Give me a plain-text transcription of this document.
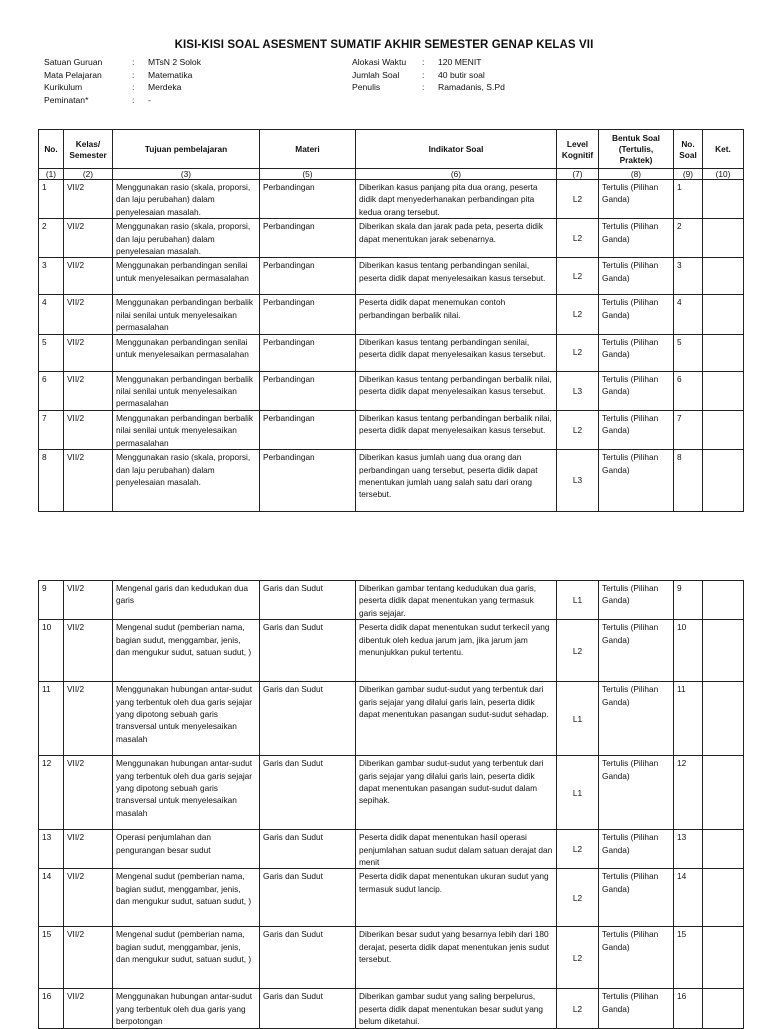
KISI-KISI SOAL ASESMENT SUMATIF AKHIR SEMESTER GENAP KELAS VII
Satuan Guruan	:	MTsN 2 Solok
Mata Pelajaran	:	Matematika
Kurikulum	:	Merdeka
Peminatan*	:	-
Alokasi Waktu	:	120 MENIT
Jumlah Soal	:	40 butir soal
Penulis	:	Ramadanis, S.Pd
No.	Kelas/ Semester	Tujuan pembelajaran	Materi	Indikator Soal	Level Kognitif	Bentuk Soal (Tertulis, Praktek)	No. Soal	Ket.
(1)	(2)	(3)	(5)	(6)	(7)	(8)	(9)	(10)
1	VII/2	Menggunakan rasio (skala, proporsi, dan laju perubahan) dalam penyelesaian masalah.	Perbandingan	Diberikan kasus panjang pita dua orang, peserta didik dapt menyederhanakan perbandingan pita kedua orang tersebut.	L2	Tertulis (Pilihan Ganda)	1	
2	VII/2	Menggunakan rasio (skala, proporsi, dan laju perubahan) dalam penyelesaian masalah.	Perbandingan	Diberikan skala dan jarak pada peta, peserta didik dapat menentukan jarak sebenarnya.	L2	Tertulis (Pilihan Ganda)	2	
3	VII/2	Menggunakan perbandingan senilai untuk menyelesaikan permasalahan	Perbandingan	Diberikan kasus tentang perbandingan senilai, peserta didik dapat menyelesaikan kasus tersebut.	L2	Tertulis (Pilihan Ganda)	3	
4	VII/2	Menggunakan perbandingan berbalik nilai senilai untuk menyelesaikan permasalahan	Perbandingan	Peserta didik dapat menemukan contoh perbandingan berbalik nilai.	L2	Tertulis (Pilihan Ganda)	4	
5	VII/2	Menggunakan perbandingan senilai untuk menyelesaikan permasalahan	Perbandingan	Diberikan kasus tentang perbandingan senilai, peserta didik dapat menyelesaikan kasus tersebut.	L2	Tertulis (Pilihan Ganda)	5	
6	VII/2	Menggunakan perbandingan berbalik nilai senilai untuk menyelesaikan permasalahan	Perbandingan	Diberikan kasus tentang perbandingan berbalik nilai, peserta didik dapat menyelesaikan kasus tersebut.	L3	Tertulis (Pilihan Ganda)	6	
7	VII/2	Menggunakan perbandingan berbalik nilai senilai untuk menyelesaikan permasalahan	Perbandingan	Diberikan kasus tentang perbandingan berbalik nilai, peserta didik dapat menyelesaikan kasus tersebut.	L2	Tertulis (Pilihan Ganda)	7	
8	VII/2	Menggunakan rasio (skala, proporsi, dan laju perubahan) dalam penyelesaian masalah.	Perbandingan	Diberikan kasus jumlah uang dua orang dan perbandingan uang tersebut, peserta didik dapat menentukan jumlah uang salah satu dari orang tersebut.	L3	Tertulis (Pilihan Ganda)	8	
9	VII/2	Mengenal garis dan kedudukan dua garis	Garis dan Sudut	Diberikan gambar tentang kedudukan dua garis, peserta didik dapat menentukan yang termasuk garis sejajar.	L1	Tertulis (Pilihan Ganda)	9	
10	VII/2	Mengenal sudut (pemberian nama, bagian sudut, menggambar, jenis, dan mengukur sudut, satuan sudut, )	Garis dan Sudut	Peserta didik dapat menentukan sudut terkecil yang dibentuk oleh kedua jarum jam, jika jarum jam menunjukkan pukul tertentu.	L2	Tertulis (Pilihan Ganda)	10	
11	VII/2	Menggunakan hubungan antar-sudut yang terbentuk oleh dua garis sejajar yang dipotong sebuah garis transversal untuk menyelesaikan masalah	Garis dan Sudut	Diberikan gambar sudut-sudut yang terbentuk dari garis sejajar yang dilalui garis lain, peserta didik dapat menentukan pasangan sudut-sudut sehadap.	L1	Tertulis (Pilihan Ganda)	11	
12	VII/2	Menggunakan hubungan antar-sudut yang terbentuk oleh dua garis sejajar yang dipotong sebuah garis transversal untuk menyelesaikan masalah	Garis dan Sudut	Diberikan gambar sudut-sudut yang terbentuk dari garis sejajar yang dilalui garis lain, peserta didik dapat menentukan pasangan sudut-sudut dalam sepihak.	L1	Tertulis (Pilihan Ganda)	12	
13	VII/2	Operasi penjumlahan dan pengurangan besar sudut	Garis dan Sudut	Peserta didik dapat menentukan hasil operasi penjumlahan satuan sudut dalam satuan derajat dan menit	L2	Tertulis (Pilihan Ganda)	13	
14	VII/2	Mengenal sudut (pemberian nama, bagian sudut, menggambar, jenis, dan mengukur sudut, satuan sudut, )	Garis dan Sudut	Peserta didik dapat menentukan ukuran sudut yang termasuk sudut lancip.	L2	Tertulis (Pilihan Ganda)	14	
15	VII/2	Mengenal sudut (pemberian nama, bagian sudut, menggambar, jenis, dan mengukur sudut, satuan sudut, )	Garis dan Sudut	Diberikan besar sudut yang besarnya lebih dari 180 derajat, peserta didik dapat menentukan jenis sudut tersebut.	L2	Tertulis (Pilihan Ganda)	15	
16	VII/2	Menggunakan hubungan antar-sudut yang terbentuk oleh dua garis yang berpotongan	Garis dan Sudut	Diberikan gambar sudut yang saling berpelurus, peserta didik dapat menentukan besar sudut yang belum diketahui.	L2	Tertulis (Pilihan Ganda)	16	
